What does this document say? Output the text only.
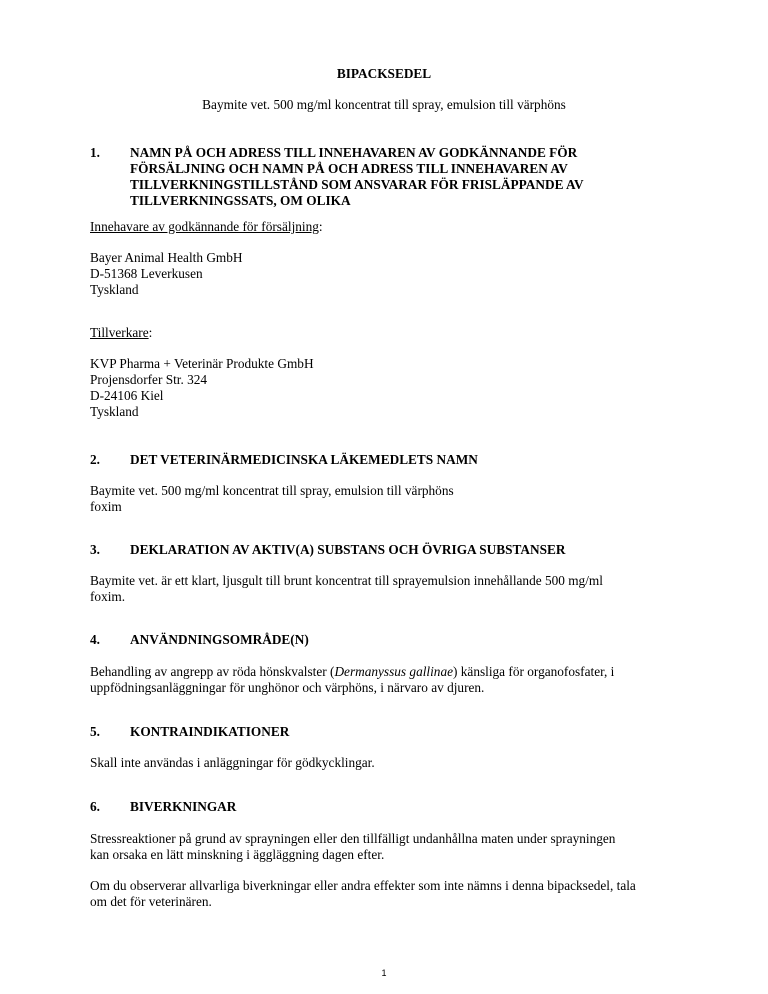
BIPACKSEDEL
Baymite vet. 500 mg/ml koncentrat till spray, emulsion till värphöns
1. NAMN PÅ OCH ADRESS TILL INNEHAVAREN AV GODKÄNNANDE FÖR
FÖRSÄLJNING OCH NAMN PÅ OCH ADRESS TILL INNEHAVAREN AV
TILLVERKNINGSTILLSTÅND SOM ANSVARAR FÖR FRISLÄPPANDE AV
TILLVERKNINGSSATS, OM OLIKA
Innehavare av godkännande för försäljning:
Bayer Animal Health GmbH
D-51368 Leverkusen
Tyskland
Tillverkare:
KVP Pharma + Veterinär Produkte GmbH
Projensdorfer Str. 324
D-24106 Kiel
Tyskland
2. DET VETERINÄRMEDICINSKA LÄKEMEDLETS NAMN
Baymite vet. 500 mg/ml koncentrat till spray, emulsion till värphöns
foxim
3. DEKLARATION AV AKTIV(A) SUBSTANS OCH ÖVRIGA SUBSTANSER
Baymite vet. är ett klart, ljusgult till brunt koncentrat till sprayemulsion innehållande 500 mg/ml
foxim.
4. ANVÄNDNINGSOMRÅDE(N)
Behandling av angrepp av röda hönskvalster (Dermanyssus gallinae) känsliga för organofosfater, i
uppfödningsanläggningar för unghönor och värphöns, i närvaro av djuren.
5. KONTRAINDIKATIONER
Skall inte användas i anläggningar för gödkycklingar.
6. BIVERKNINGAR
Stressreaktioner på grund av sprayningen eller den tillfälligt undanhållna maten under sprayningen
kan orsaka en lätt minskning i äggläggning dagen efter.
Om du observerar allvarliga biverkningar eller andra effekter som inte nämns i denna bipacksedel, tala
om det för veterinären.
1
